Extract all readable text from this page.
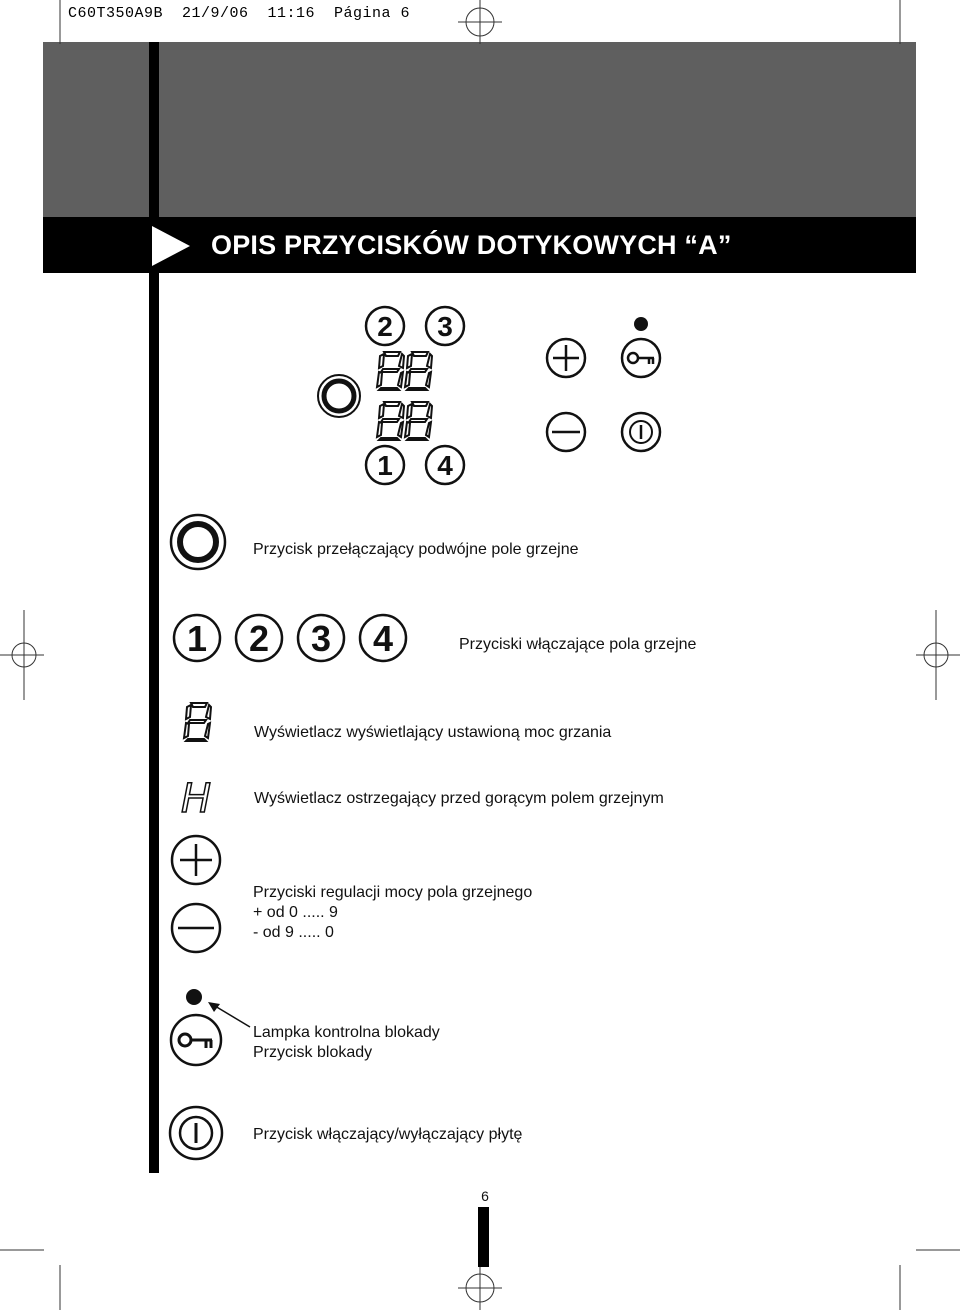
C60T350A9B  21/9/06  11:16  Página 6
OPIS PRZYCISKÓW DOTYKOWYCH “A”
2 3
1 4
1 2 3 4
H
Przycisk przełączający podwójne pole grzejne
Przyciski włączające pola grzejne
Wyświetlacz wyświetlający ustawioną moc grzania
Wyświetlacz ostrzegający przed gorącym polem grzejnym
Przyciski regulacji mocy pola grzejnego
+ od 0 ..... 9
- od 9 ..... 0
Lampka kontrolna blokady
Przycisk blokady
Przycisk włączający/wyłączający płytę
6
